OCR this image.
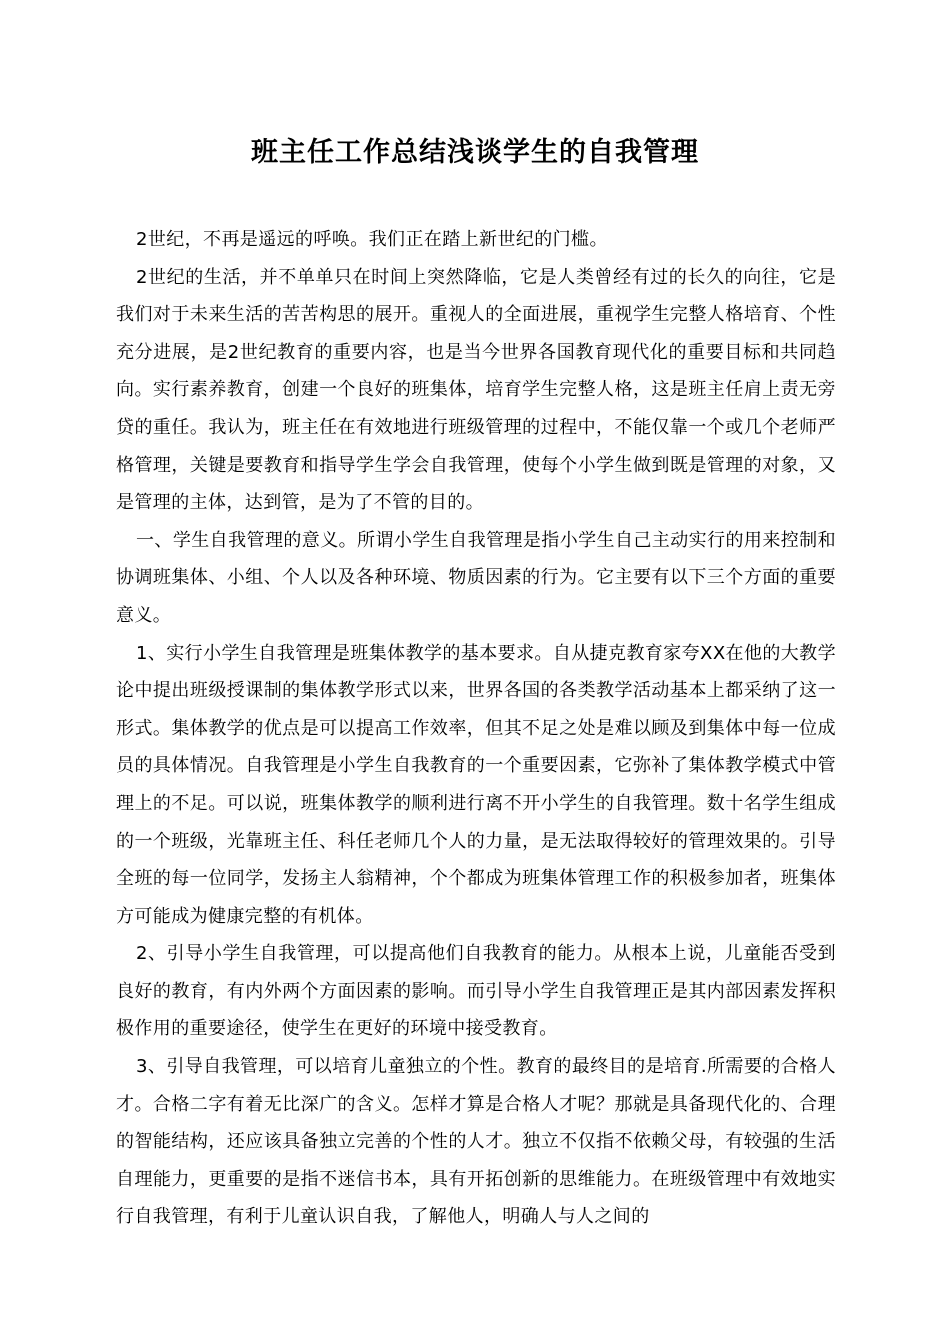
班主任工作总结浅谈学生的自我管理

2世纪，不再是遥远的呼唤。我们正在踏上新世纪的门槛。

2世纪的生活，并不单单只在时间上突然降临，它是人类曾经有过的长久的向往，它是我们对于未来生活的苦苦构思的展开。重视人的全面进展，重视学生完整人格培育、个性充分进展，是2世纪教育的重要内容，也是当今世界各国教育现代化的重要目标和共同趋向。实行素养教育，创建一个良好的班集体，培育学生完整人格，这是班主任肩上责无旁贷的重任。我认为，班主任在有效地进行班级管理的过程中，不能仅靠一个或几个老师严格管理，关键是要教育和指导学生学会自我管理，使每个小学生做到既是管理的对象，又是管理的主体，达到管，是为了不管的目的。

一、学生自我管理的意义。所谓小学生自我管理是指小学生自己主动实行的用来控制和协调班集体、小组、个人以及各种环境、物质因素的行为。它主要有以下三个方面的重要意义。

1、实行小学生自我管理是班集体教学的基本要求。自从捷克教育家夸XX在他的大教学论中提出班级授课制的集体教学形式以来，世界各国的各类教学活动基本上都采纳了这一形式。集体教学的优点是可以提高工作效率，但其不足之处是难以顾及到集体中每一位成员的具体情况。自我管理是小学生自我教育的一个重要因素，它弥补了集体教学模式中管理上的不足。可以说，班集体教学的顺利进行离不开小学生的自我管理。数十名学生组成的一个班级，光靠班主任、科任老师几个人的力量，是无法取得较好的管理效果的。引导全班的每一位同学，发扬主人翁精神，个个都成为班集体管理工作的积极参加者，班集体方可能成为健康完整的有机体。

2、引导小学生自我管理，可以提高他们自我教育的能力。从根本上说，儿童能否受到良好的教育，有内外两个方面因素的影响。而引导小学生自我管理正是其内部因素发挥积极作用的重要途径，使学生在更好的环境中接受教育。

3、引导自我管理，可以培育儿童独立的个性。教育的最终目的是培育.所需要的合格人才。合格二字有着无比深广的含义。怎样才算是合格人才呢？那就是具备现代化的、合理的智能结构，还应该具备独立完善的个性的人才。独立不仅指不依赖父母，有较强的生活自理能力，更重要的是指不迷信书本，具有开拓创新的思维能力。在班级管理中有效地实行自我管理，有利于儿童认识自我，了解他人，明确人与人之间的
